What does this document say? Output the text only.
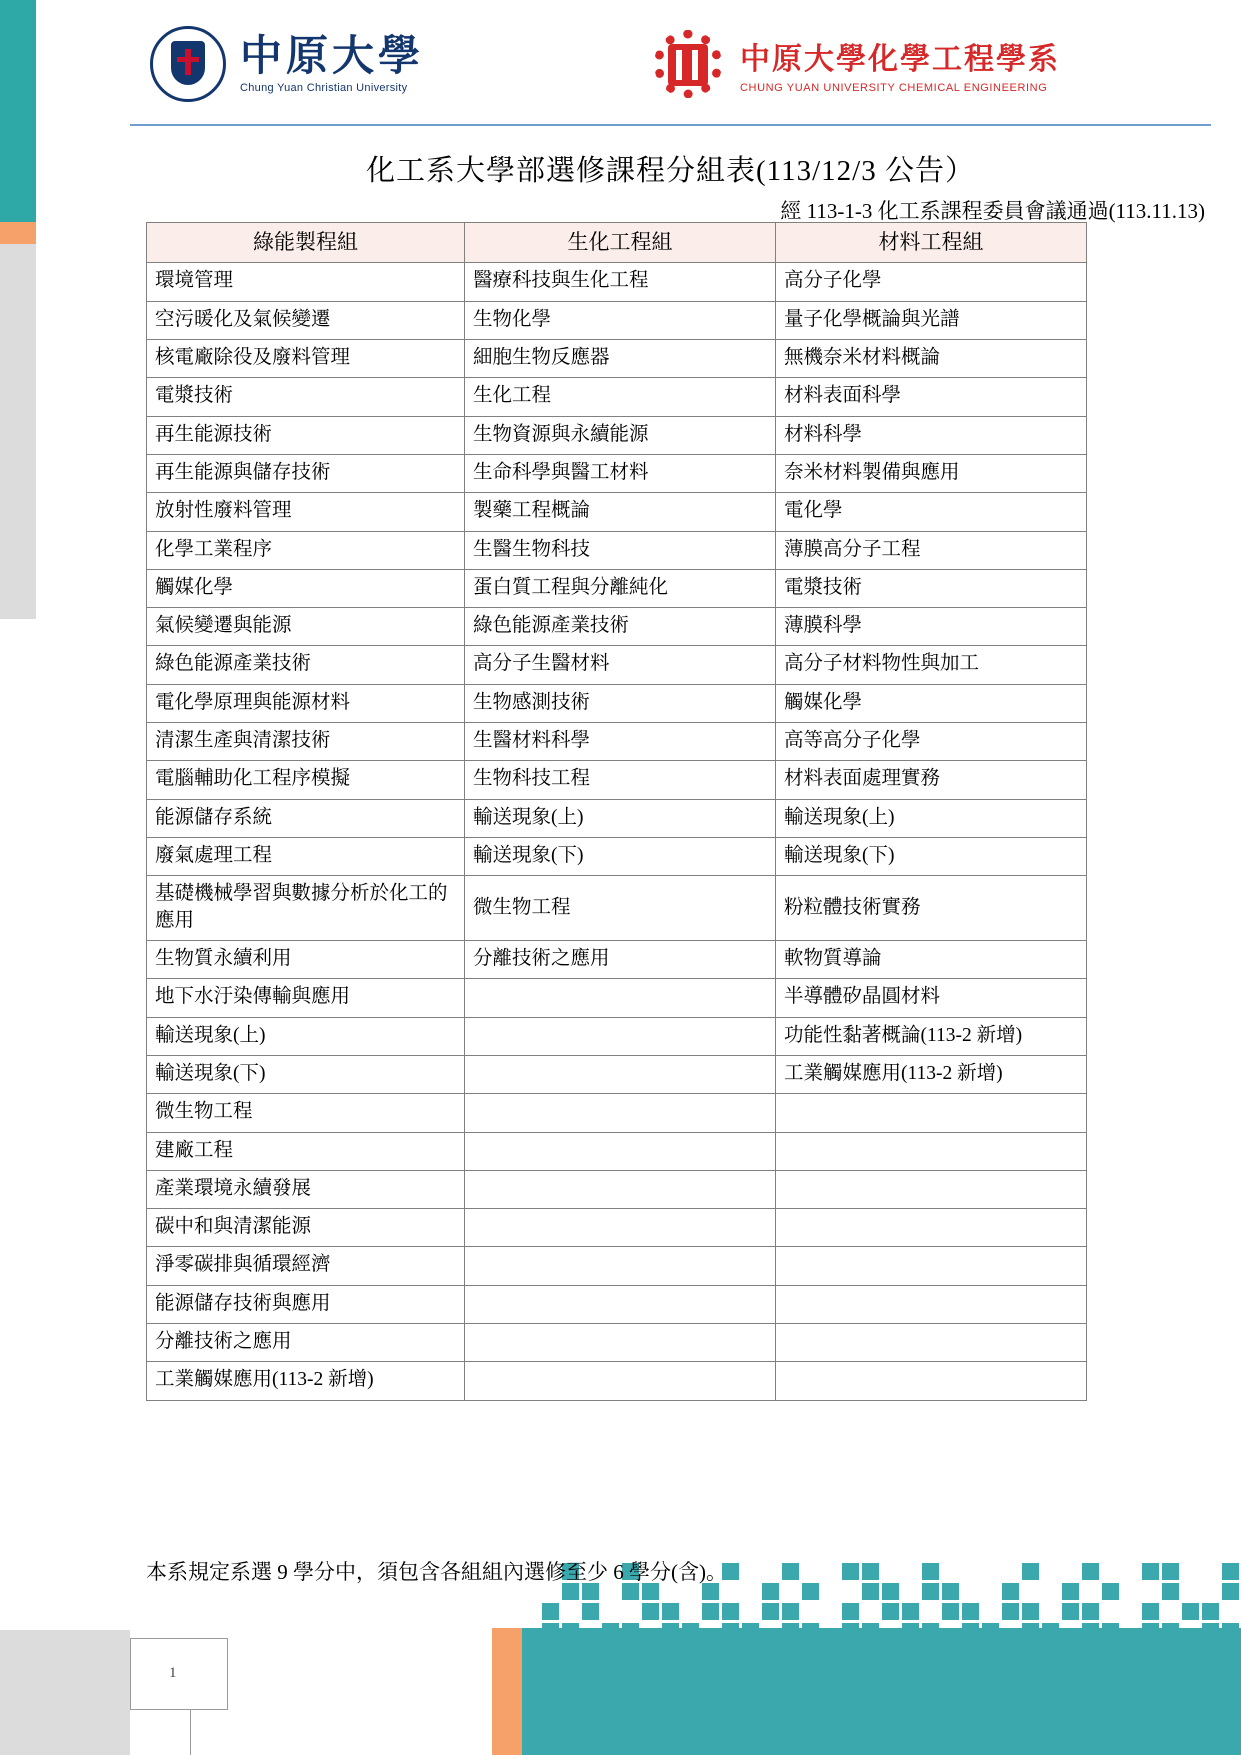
1
中原大學
Chung Yuan Christian University
中原大學化學工程學系
CHUNG YUAN UNIVERSITY CHEMICAL ENGINEERING
化工系大學部選修課程分組表(113/12/3 公告）
經 113-1-3 化工系課程委員會議通過(113.11.13)
綠能製程組	生化工程組	材料工程組
環境管理	醫療科技與生化工程	高分子化學
空污暖化及氣候變遷	生物化學	量子化學概論與光譜
核電廠除役及廢料管理	細胞生物反應器	無機奈米材料概論
電漿技術	生化工程	材料表面科學
再生能源技術	生物資源與永續能源	材料科學
再生能源與儲存技術	生命科學與醫工材料	奈米材料製備與應用
放射性廢料管理	製藥工程概論	電化學
化學工業程序	生醫生物科技	薄膜高分子工程
觸媒化學	蛋白質工程與分離純化	電漿技術
氣候變遷與能源	綠色能源產業技術	薄膜科學
綠色能源產業技術	高分子生醫材料	高分子材料物性與加工
電化學原理與能源材料	生物感測技術	觸媒化學
清潔生產與清潔技術	生醫材料科學	高等高分子化學
電腦輔助化工程序模擬	生物科技工程	材料表面處理實務
能源儲存系統	輸送現象(上)	輸送現象(上)
廢氣處理工程	輸送現象(下)	輸送現象(下)
基礎機械學習與數據分析於化工的應用	微生物工程	粉粒體技術實務
生物質永續利用	分離技術之應用	軟物質導論
地下水汙染傳輸與應用		半導體矽晶圓材料
輸送現象(上)		功能性黏著概論(113-2 新增)
輸送現象(下)		工業觸媒應用(113-2 新增)
微生物工程		
建廠工程		
產業環境永續發展		
碳中和與清潔能源		
淨零碳排與循環經濟		
能源儲存技術與應用		
分離技術之應用		
工業觸媒應用(113-2 新增)		
本系規定系選 9 學分中，須包含各組組內選修至少 6 學分(含)。
